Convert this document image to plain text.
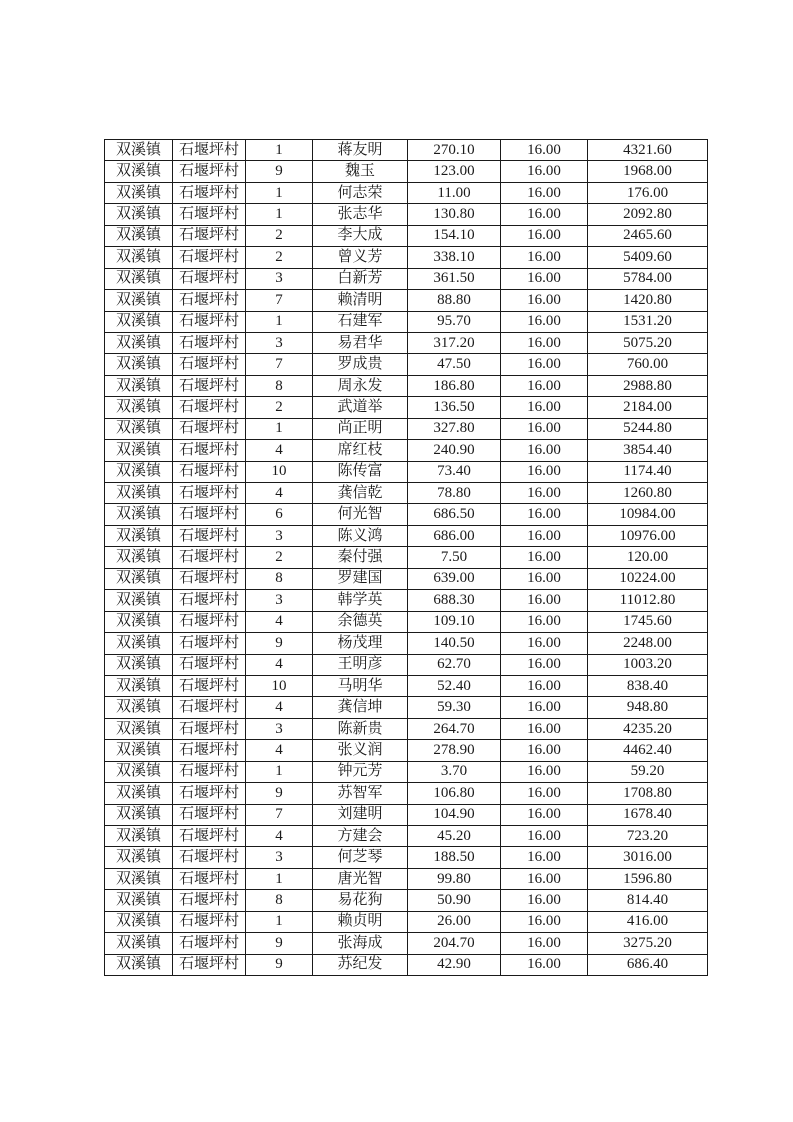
双溪镇	石堰坪村	1	蒋友明	270.10	16.00	4321.60
双溪镇	石堰坪村	9	魏玉	123.00	16.00	1968.00
双溪镇	石堰坪村	1	何志荣	11.00	16.00	176.00
双溪镇	石堰坪村	1	张志华	130.80	16.00	2092.80
双溪镇	石堰坪村	2	李大成	154.10	16.00	2465.60
双溪镇	石堰坪村	2	曾义芳	338.10	16.00	5409.60
双溪镇	石堰坪村	3	白新芳	361.50	16.00	5784.00
双溪镇	石堰坪村	7	赖清明	88.80	16.00	1420.80
双溪镇	石堰坪村	1	石建军	95.70	16.00	1531.20
双溪镇	石堰坪村	3	易君华	317.20	16.00	5075.20
双溪镇	石堰坪村	7	罗成贵	47.50	16.00	760.00
双溪镇	石堰坪村	8	周永发	186.80	16.00	2988.80
双溪镇	石堰坪村	2	武道举	136.50	16.00	2184.00
双溪镇	石堰坪村	1	尚正明	327.80	16.00	5244.80
双溪镇	石堰坪村	4	席红枝	240.90	16.00	3854.40
双溪镇	石堰坪村	10	陈传富	73.40	16.00	1174.40
双溪镇	石堰坪村	4	龚信乾	78.80	16.00	1260.80
双溪镇	石堰坪村	6	何光智	686.50	16.00	10984.00
双溪镇	石堰坪村	3	陈义鸿	686.00	16.00	10976.00
双溪镇	石堰坪村	2	秦付强	7.50	16.00	120.00
双溪镇	石堰坪村	8	罗建国	639.00	16.00	10224.00
双溪镇	石堰坪村	3	韩学英	688.30	16.00	11012.80
双溪镇	石堰坪村	4	余德英	109.10	16.00	1745.60
双溪镇	石堰坪村	9	杨茂理	140.50	16.00	2248.00
双溪镇	石堰坪村	4	王明彦	62.70	16.00	1003.20
双溪镇	石堰坪村	10	马明华	52.40	16.00	838.40
双溪镇	石堰坪村	4	龚信坤	59.30	16.00	948.80
双溪镇	石堰坪村	3	陈新贵	264.70	16.00	4235.20
双溪镇	石堰坪村	4	张义润	278.90	16.00	4462.40
双溪镇	石堰坪村	1	钟元芳	3.70	16.00	59.20
双溪镇	石堰坪村	9	苏智军	106.80	16.00	1708.80
双溪镇	石堰坪村	7	刘建明	104.90	16.00	1678.40
双溪镇	石堰坪村	4	方建会	45.20	16.00	723.20
双溪镇	石堰坪村	3	何芝琴	188.50	16.00	3016.00
双溪镇	石堰坪村	1	唐光智	99.80	16.00	1596.80
双溪镇	石堰坪村	8	易花狗	50.90	16.00	814.40
双溪镇	石堰坪村	1	赖贞明	26.00	16.00	416.00
双溪镇	石堰坪村	9	张海成	204.70	16.00	3275.20
双溪镇	石堰坪村	9	苏纪发	42.90	16.00	686.40
